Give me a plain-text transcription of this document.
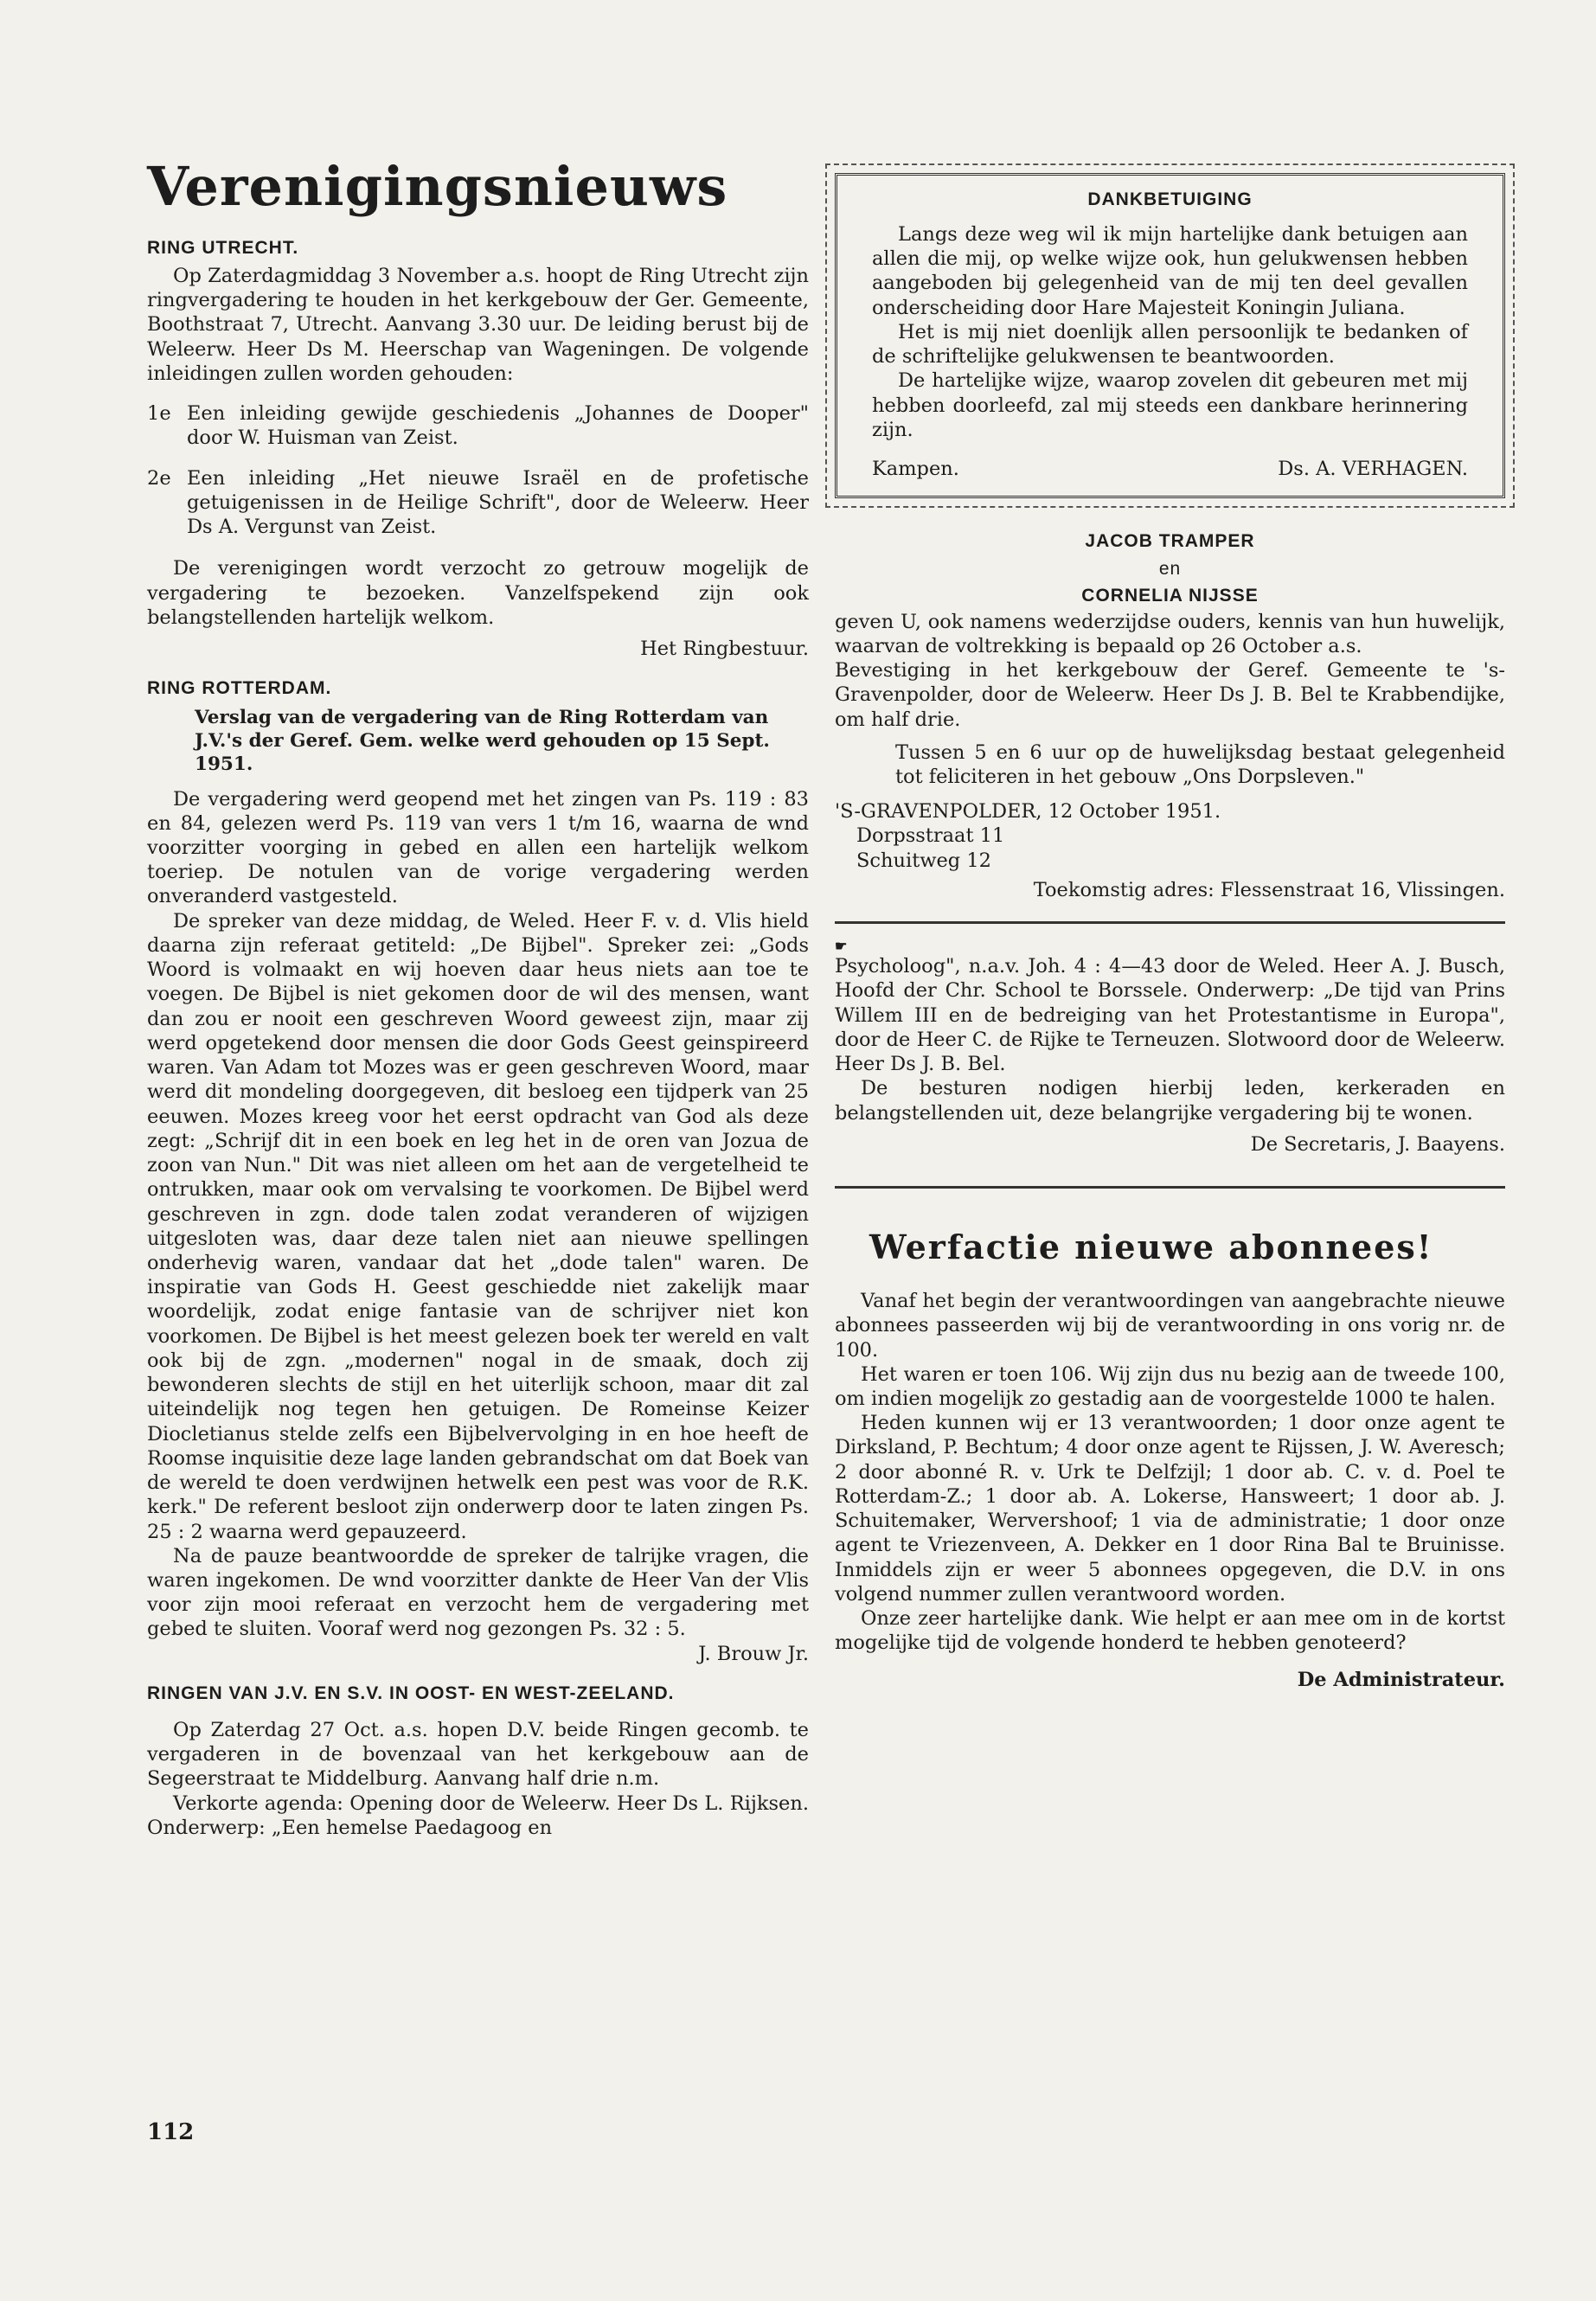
Verenigingsnieuws
RING UTRECHT.

Op Zaterdagmiddag 3 November a.s. hoopt de Ring Utrecht zijn ringvergadering te houden in het kerkgebouw der Ger. Gemeente, Boothstraat 7, Utrecht. Aanvang 3.30 uur. De leiding berust bij de Weleerw. Heer Ds M. Heerschap van Wageningen. De volgende inleidingen zullen worden gehouden:

1e Een inleiding gewijde geschiedenis „Johannes de Dooper" door W. Huisman van Zeist.
2e Een inleiding „Het nieuwe Israël en de profetische getuigenissen in de Heilige Schrift", door de Weleerw. Heer Ds A. Vergunst van Zeist.

De verenigingen wordt verzocht zo getrouw mogelijk de vergadering te bezoeken. Vanzelfspekend zijn ook belangstellenden hartelijk welkom.

Het Ringbestuur.

RING ROTTERDAM.
Verslag van de vergadering van de Ring Rotterdam van J.V.'s der Geref. Gem. welke werd gehouden op 15 Sept. 1951.

De vergadering werd geopend met het zingen van Ps. 119 : 83 en 84, gelezen werd Ps. 119 van vers 1 t/m 16, waarna de wnd voorzitter voorging in gebed en allen een hartelijk welkom toeriep. De notulen van de vorige vergadering werden onveranderd vastgesteld.

De spreker van deze middag, de Weled. Heer F. v. d. Vlis hield daarna zijn referaat getiteld: „De Bijbel". Spreker zei: „Gods Woord is volmaakt en wij hoeven daar heus niets aan toe te voegen. De Bijbel is niet gekomen door de wil des mensen, want dan zou er nooit een geschreven Woord geweest zijn, maar zij werd opgetekend door mensen die door Gods Geest geinspireerd waren. Van Adam tot Mozes was er geen geschreven Woord, maar werd dit mondeling doorgegeven, dit besloeg een tijdperk van 25 eeuwen. Mozes kreeg voor het eerst opdracht van God als deze zegt: „Schrijf dit in een boek en leg het in de oren van Jozua de zoon van Nun." Dit was niet alleen om het aan de vergetelheid te ontrukken, maar ook om vervalsing te voorkomen. De Bijbel werd geschreven in zgn. dode talen zodat veranderen of wijzigen uitgesloten was, daar deze talen niet aan nieuwe spellingen onderhevig waren, vandaar dat het „dode talen" waren. De inspiratie van Gods H. Geest geschiedde niet zakelijk maar woordelijk, zodat enige fantasie van de schrijver niet kon voorkomen. De Bijbel is het meest gelezen boek ter wereld en valt ook bij de zgn. „modernen" nogal in de smaak, doch zij bewonderen slechts de stijl en het uiterlijk schoon, maar dit zal uiteindelijk nog tegen hen getuigen. De Romeinse Keizer Diocletianus stelde zelfs een Bijbelvervolging in en hoe heeft de Roomse inquisitie deze lage landen gebrandschat om dat Boek van de wereld te doen verdwijnen hetwelk een pest was voor de R.K. kerk." De referent besloot zijn onderwerp door te laten zingen Ps. 25 : 2 waarna werd gepauzeerd.

Na de pauze beantwoordde de spreker de talrijke vragen, die waren ingekomen. De wnd voorzitter dankte de Heer Van der Vlis voor zijn mooi referaat en verzocht hem de vergadering met gebed te sluiten. Vooraf werd nog gezongen Ps. 32 : 5.

J. Brouw Jr.

RINGEN VAN J.V. EN S.V. IN OOST- EN WEST-ZEELAND.

Op Zaterdag 27 Oct. a.s. hopen D.V. beide Ringen gecomb. te vergaderen in de bovenzaal van het kerkgebouw aan de Segeerstraat te Middelburg. Aanvang half drie n.m.

Verkorte agenda: Opening door de Weleerw. Heer Ds L. Rijksen. Onderwerp: „Een hemelse Paedagoog en

112
DANKBETUIGING

Langs deze weg wil ik mijn hartelijke dank betuigen aan allen die mij, op welke wijze ook, hun gelukwensen hebben aangeboden bij gelegenheid van de mij ten deel gevallen onderscheiding door Hare Majesteit Koningin Juliana.

Het is mij niet doenlijk allen persoonlijk te bedanken of de schriftelijke gelukwensen te beantwoorden.

De hartelijke wijze, waarop zovelen dit gebeuren met mij hebben doorleefd, zal mij steeds een dankbare herinnering zijn.

Kampen.	Ds. A. VERHAGEN.
JACOB TRAMPER
en
CORNELIA NIJSSE

geven U, ook namens wederzijdse ouders, kennis van hun huwelijk, waarvan de voltrekking is bepaald op 26 October a.s.

Bevestiging in het kerkgebouw der Geref. Gemeente te 's-Gravenpolder, door de Weleerw. Heer Ds J. B. Bel te Krabbendijke, om half drie.

Tussen 5 en 6 uur op de huwelijksdag bestaat gelegenheid tot feliciteren in het gebouw „Ons Dorpsleven."

'S-GRAVENPOLDER, 12 October 1951.

Dorpsstraat 11

Schuitweg 12

Toekomstig adres: Flessenstraat 16, Vlissingen.

☛

Psycholoog", n.a.v. Joh. 4 : 4—43 door de Weled. Heer A. J. Busch, Hoofd der Chr. School te Borssele. Onderwerp: „De tijd van Prins Willem III en de bedreiging van het Protestantisme in Europa", door de Heer C. de Rijke te Terneuzen. Slotwoord door de Weleerw. Heer Ds J. B. Bel.

De besturen nodigen hierbij leden, kerkeraden en belangstellenden uit, deze belangrijke vergadering bij te wonen.

De Secretaris, J. Baayens.

Werfactie nieuwe abonnees!

Vanaf het begin der verantwoordingen van aangebrachte nieuwe abonnees passeerden wij bij de verantwoording in ons vorig nr. de 100.

Het waren er toen 106. Wij zijn dus nu bezig aan de tweede 100, om indien mogelijk zo gestadig aan de voorgestelde 1000 te halen.

Heden kunnen wij er 13 verantwoorden; 1 door onze agent te Dirksland, P. Bechtum; 4 door onze agent te Rijssen, J. W. Averesch; 2 door abonné R. v. Urk te Delfzijl; 1 door ab. C. v. d. Poel te Rotterdam-Z.; 1 door ab. A. Lokerse, Hansweert; 1 door ab. J. Schuitemaker, Wervershoof; 1 via de administratie; 1 door onze agent te Vriezenveen, A. Dekker en 1 door Rina Bal te Bruinisse. Inmiddels zijn er weer 5 abonnees opgegeven, die D.V. in ons volgend nummer zullen verantwoord worden.

Onze zeer hartelijke dank. Wie helpt er aan mee om in de kortst mogelijke tijd de volgende honderd te hebben genoteerd?

De Administrateur.
